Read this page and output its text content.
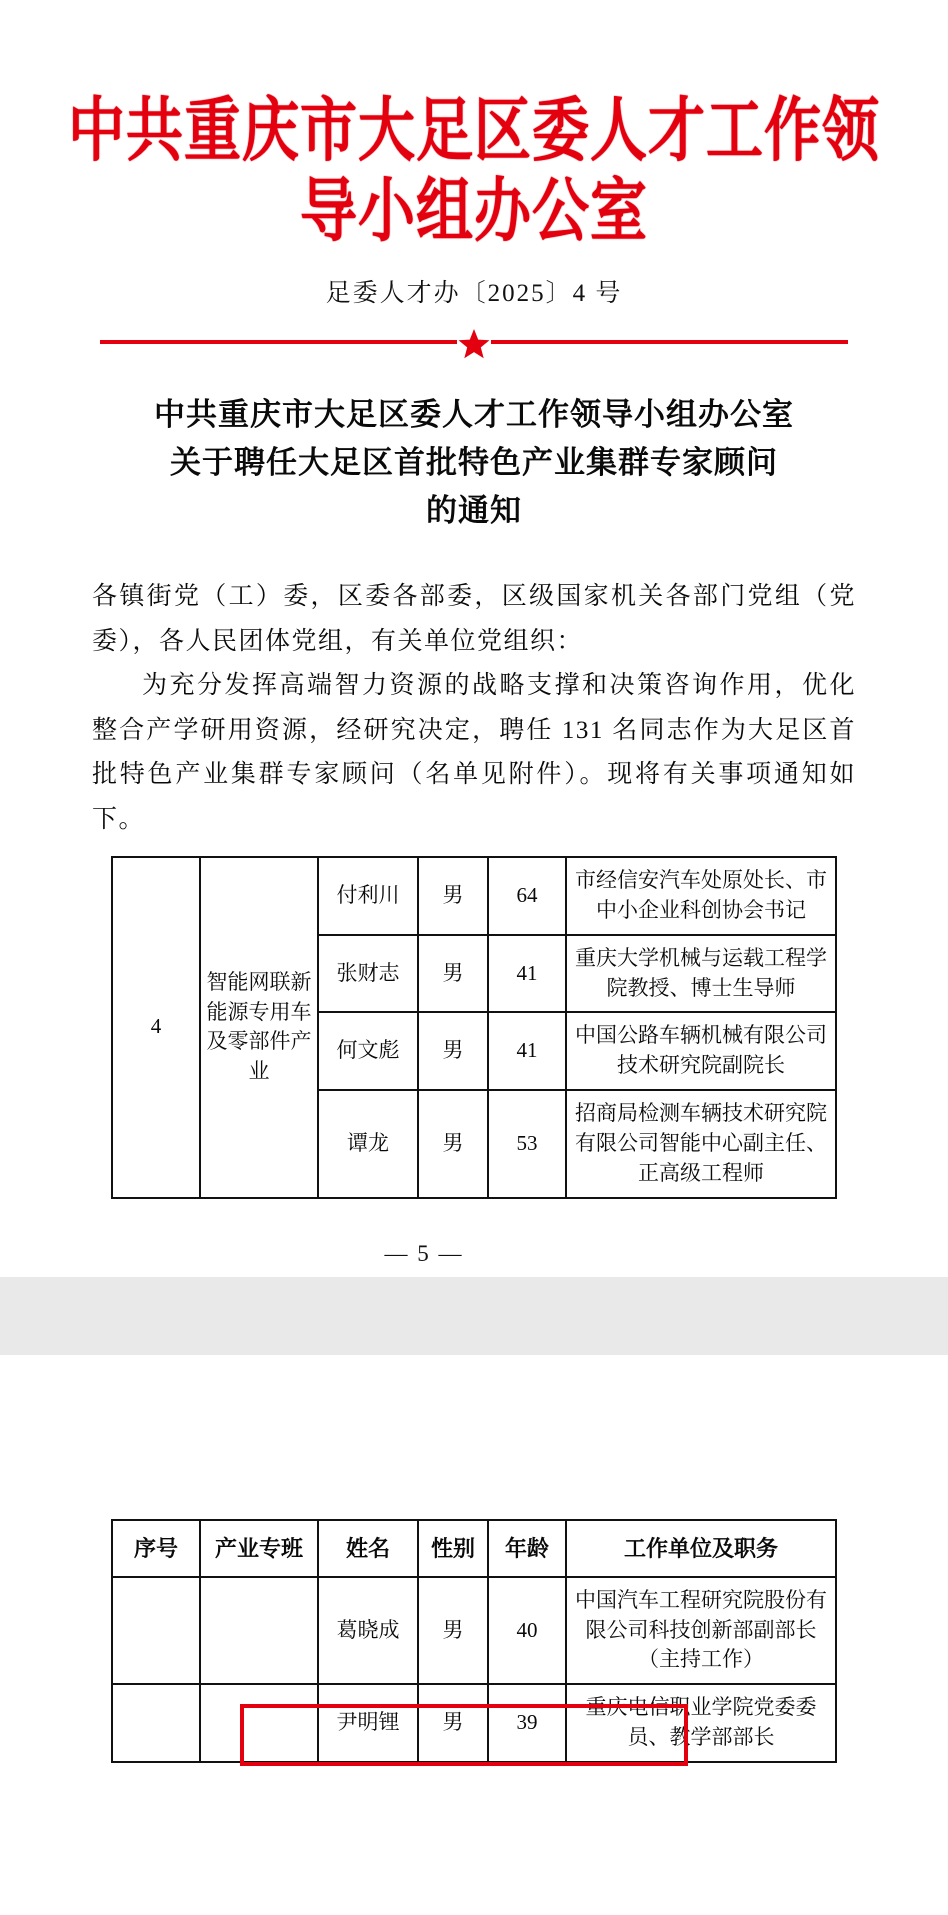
中共重庆市大足区委人才工作领导小组办公室
足委人才办〔2025〕4 号
中共重庆市大足区委人才工作领导小组办公室
关于聘任大足区首批特色产业集群专家顾问
的通知

各镇街党（工）委，区委各部委，区级国家机关各部门党组（党委），各人民团体党组，有关单位党组织：

为充分发挥高端智力资源的战略支撑和决策咨询作用，优化整合产学研用资源，经研究决定，聘任 131 名同志作为大足区首批特色产业集群专家顾问（名单见附件）。现将有关事项通知如下。

4	智能网联新能源专用车及零部件产业	付利川	男	64	市经信安汽车处原处长、市中小企业科创协会书记
		张财志	男	41	重庆大学机械与运载工程学院教授、博士生导师
		何文彪	男	41	中国公路车辆机械有限公司技术研究院副院长
		谭龙	男	53	招商局检测车辆技术研究院有限公司智能中心副主任、正高级工程师
— 5 —
序号	产业专班	姓名	性别	年龄	工作单位及职务
		葛晓成	男	40	中国汽车工程研究院股份有限公司科技创新部副部长（主持工作）
		尹明锂	男	39	重庆电信职业学院党委委员、教学部部长
